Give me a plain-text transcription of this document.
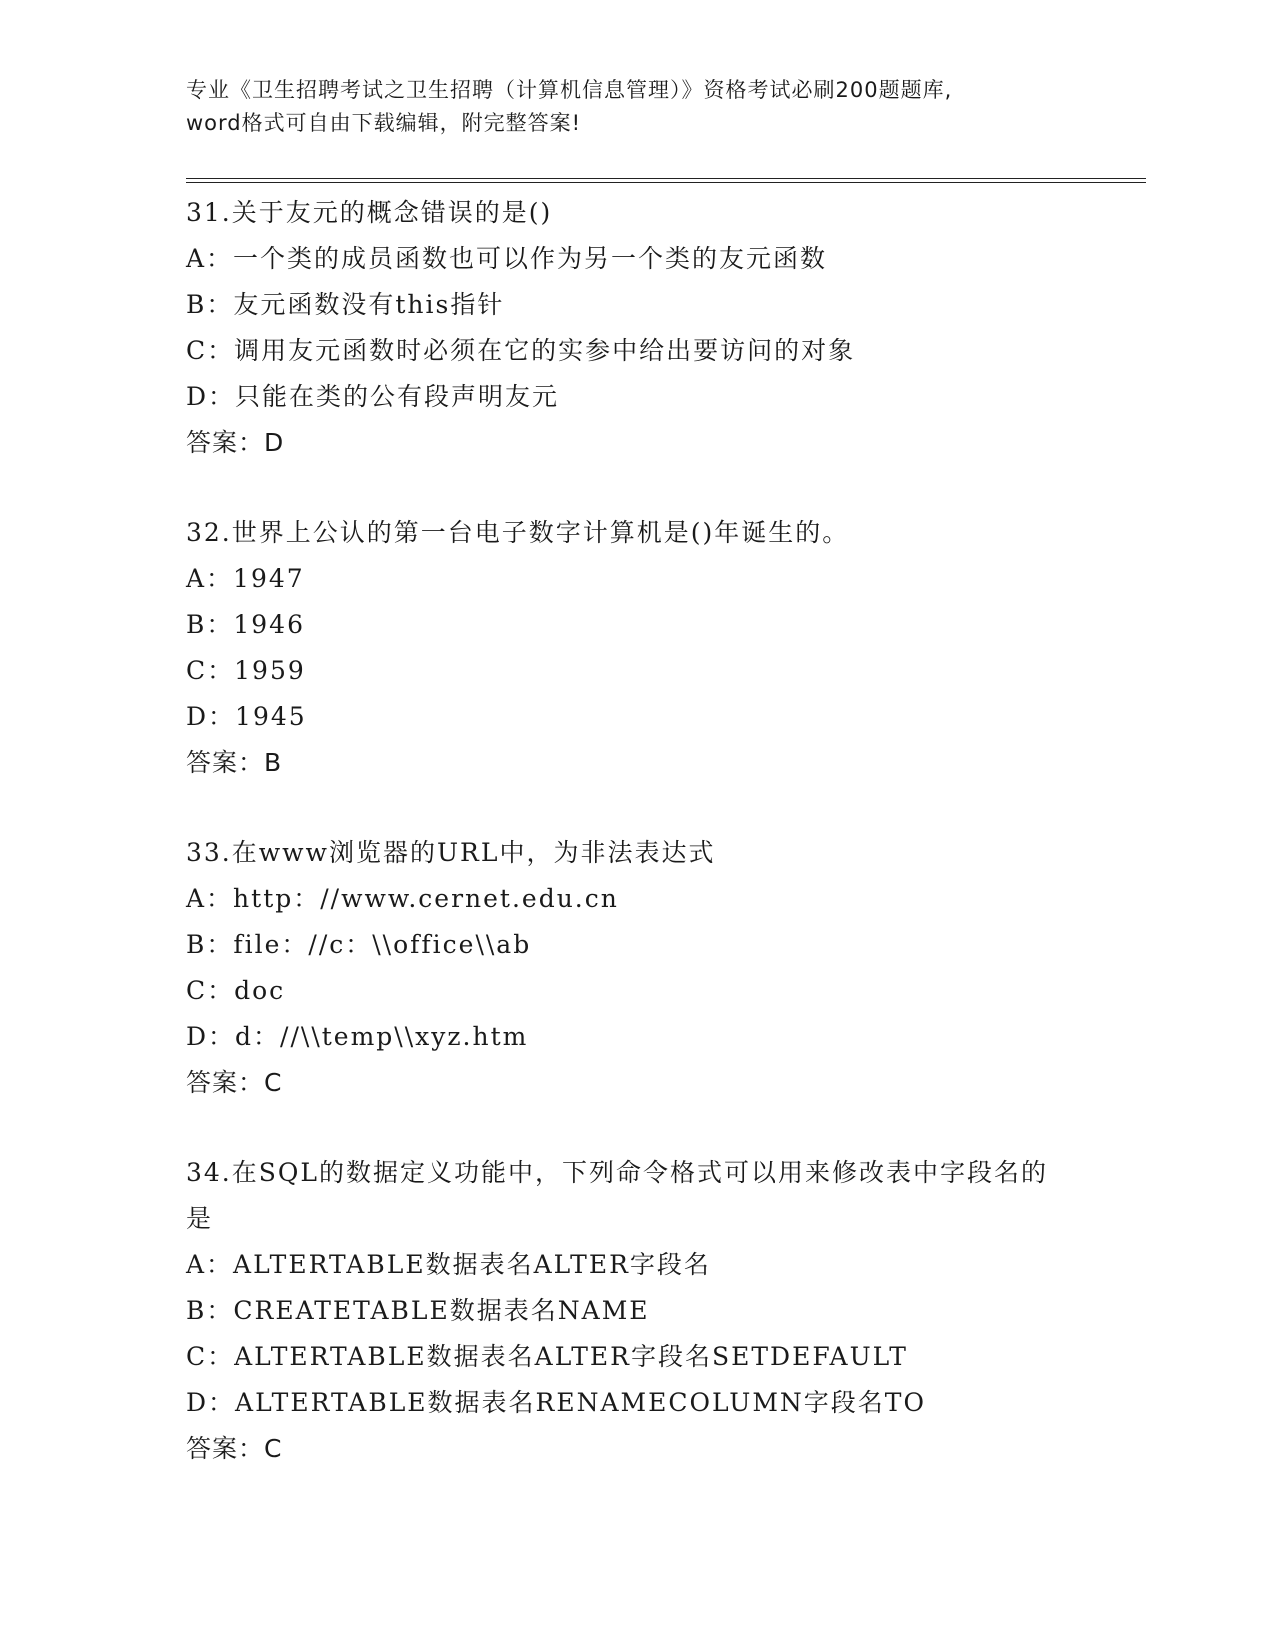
专业《卫生招聘考试之卫生招聘（计算机信息管理）》资格考试必刷200题题库,
word格式可自由下载编辑，附完整答案!
31.关于友元的概念错误的是()
A：一个类的成员函数也可以作为另一个类的友元函数
B：友元函数没有this指针
C：调用友元函数时必须在它的实参中给出要访问的对象
D：只能在类的公有段声明友元
答案：D
32.世界上公认的第一台电子数字计算机是()年诞生的。
A：1947
B：1946
C：1959
D：1945
答案：B
33.在www浏览器的URL中，为非法表达式
A：http：//www.cernet.edu.cn
B：file：//c：\\office\\ab
C：doc
D：d：//\\temp\\xyz.htm
答案：C
34.在SQL的数据定义功能中，下列命令格式可以用来修改表中字段名的是
A：ALTERTABLE数据表名ALTER字段名
B：CREATETABLE数据表名NAME
C：ALTERTABLE数据表名ALTER字段名SETDEFAULT
D：ALTERTABLE数据表名RENAMECOLUMN字段名TO
答案：C
